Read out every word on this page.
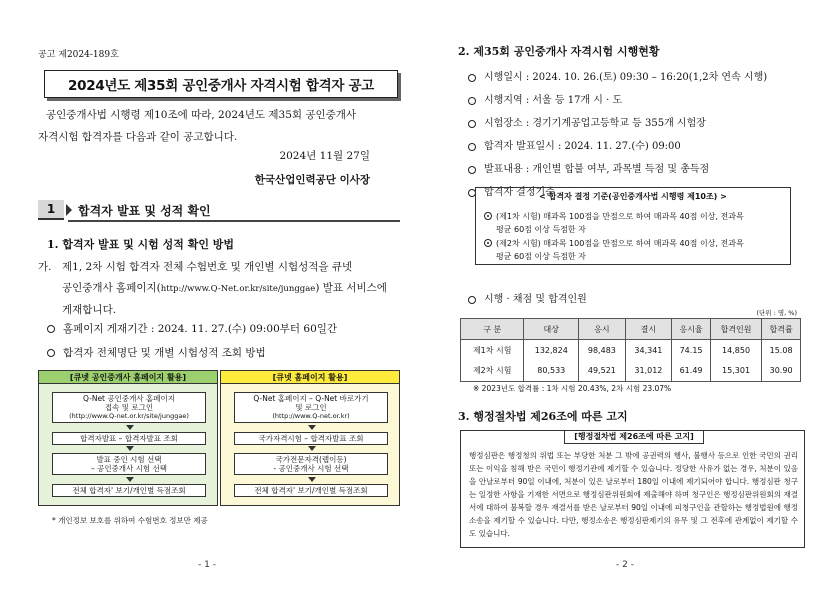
공고 제2024-189호
2024년도 제35회 공인중개사 자격시험 합격자 공고
공인중개사법 시행령 제10조에 따라, 2024년도 제35회 공인중개사
자격시험 합격자를 다음과 같이 공고합니다.
2024년 11월 27일
한국산업인력공단 이사장
1	합격자 발표 및 성적 확인
1. 합격자 발표 및 시험 성적 확인 방법
가. 제1, 2차 시험 합격자 전체 수험번호 및 개인별 시험성적을 큐넷
공인중개사 홈페이지(http://www.Q-Net.or.kr/site/junggae) 발표 서비스에
게재합니다.
홈페이지 게재기간 : 2024. 11. 27.(수) 09:00부터 60일간
합격자 전체명단 및 개별 시험성적 조회 방법
[큐넷 공인중개사 홈페이지 활용]
Q-Net 공인중개사 홈페이지
접속 및 로그인
(http://www.Q-net.or.kr/site/junggae)
합격자발표 – 합격자발표 조회
발표 중인 시험 선택
– 공인중개사 시험 선택
전체 합격자' 보기/개인별 득점조회
[큐넷 홈페이지 활용]
Q-Net 홈페이지 – Q-Net 바로가기
및 로그인
(http://www.Q-net.or.kr)
국가자격시험 – 합격자발표 조회
국가전문자격(랩이등)
- 공인중개사 시험 선택
전체 합격자' 보기/개인별 득점조회
* 개인정보 보호를 위하여 수험번호 정보만 제공
- 1 -
2. 제35회 공인중개사 자격시험 시행현황
시행일시 : 2024. 10. 26.(토) 09:30 – 16:20(1,2차 연속 시행)
시행지역 : 서울 등 17개 시 · 도
시험장소 : 경기기계공업고등학교 등 355개 시험장
합격자 발표일시 : 2024. 11. 27.(수) 09:00
발표내용 : 개인별 합불 여부, 과목별 득점 및 총득점
합격자 결정기준
< 합격자 결정 기준(공인중개사법 시행령 제10조) >
(제1차 시험) 매과목 100점을 만점으로 하여 매과목 40점 이상, 전과목
평균 60점 이상 득점한 자
(제2차 시험) 매과목 100점을 만점으로 하여 매과목 40점 이상, 전과목
평균 60점 이상 득점한 자
시행 · 채점 및 합격인원
(단위 : 명, %)
구 분	대상	응시	결시	응시율	합격인원	합격률
제1차 시험	132,824	98,483	34,341	74.15	14,850	15.08
제2차 시험	80,533	49,521	31,012	61.49	15,301	30.90
※ 2023년도 합격률 : 1차 시험 20.43%, 2차 시험 23.07%
3. 행정절차법 제26조에 따른 고지
[행정절차법 제26조에 따른 고지]
행정심판은 행정청의 위법 또는 부당한 처분 그 밖에 공권력의 행사, 불행사 등으로 인한 국민의 권리 또는 이익을 침해 받은 국민이 행정기관에 제기할 수 있습니다. 정당한 사유가 없는 경우, 처분이 있음을 안날로부터 90일 이내에, 처분이 있은 날로부터 180일 이내에 제기되어야 합니다. 행정심판 청구는 일정한 사항을 기재한 서면으로 행정심판위원회에 제출해야 하며 청구인은 행정심판위원회의 재결서에 대하여 불복할 경우 재결서를 받은 날로부터 90일 이내에 피청구인을 관할하는 행정법원에 행정소송을 제기할 수 있습니다. 다만, 행정소송은 행정심판제기의 유무 및 그 전후에 관계없이 제기할 수 도 있습니다.
- 2 -
